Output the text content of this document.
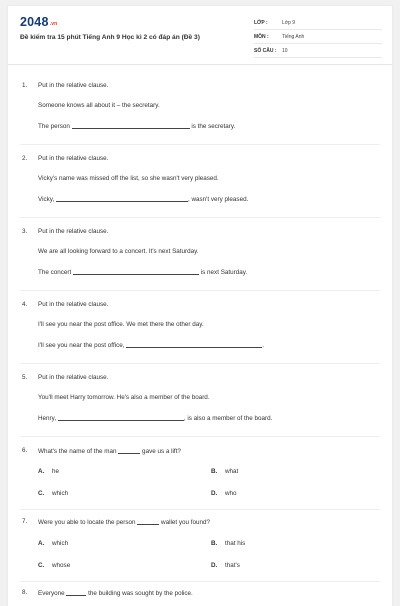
2048.vn
Đề kiểm tra 15 phút Tiếng Anh 9 Học kì 2 có đáp án (Đề 3)
LỚP :	Lớp 9
MÔN :	Tiếng Anh
SỐ CÂU :	10
1. Put in the relative clause.
Someone knows all about it – the secretary.
The person	is the secretary.
2. Put in the relative clause.
Vicky's name was missed off the list, so she wasn't very pleased.
Vicky,	, wasn't very pleased.
3. Put in the relative clause.
We are all looking forward to a concert. It's next Saturday.
The concert	is next Saturday.
4. Put in the relative clause.
I'll see you near the post office. We met there the other day.
I'll see you near the post office,	.
5. Put in the relative clause.
You'll meet Harry tomorrow. He's also a member of the board.
Henry,	, is also a member of the board.
6. What's the name of the man	gave us a lift?
A. he	B. what
C. which	D. who
7. Were you able to locate the person	wallet you found?
A. which	B. that his
C. whose	D. that's
8. Everyone	the building was sought by the police.
